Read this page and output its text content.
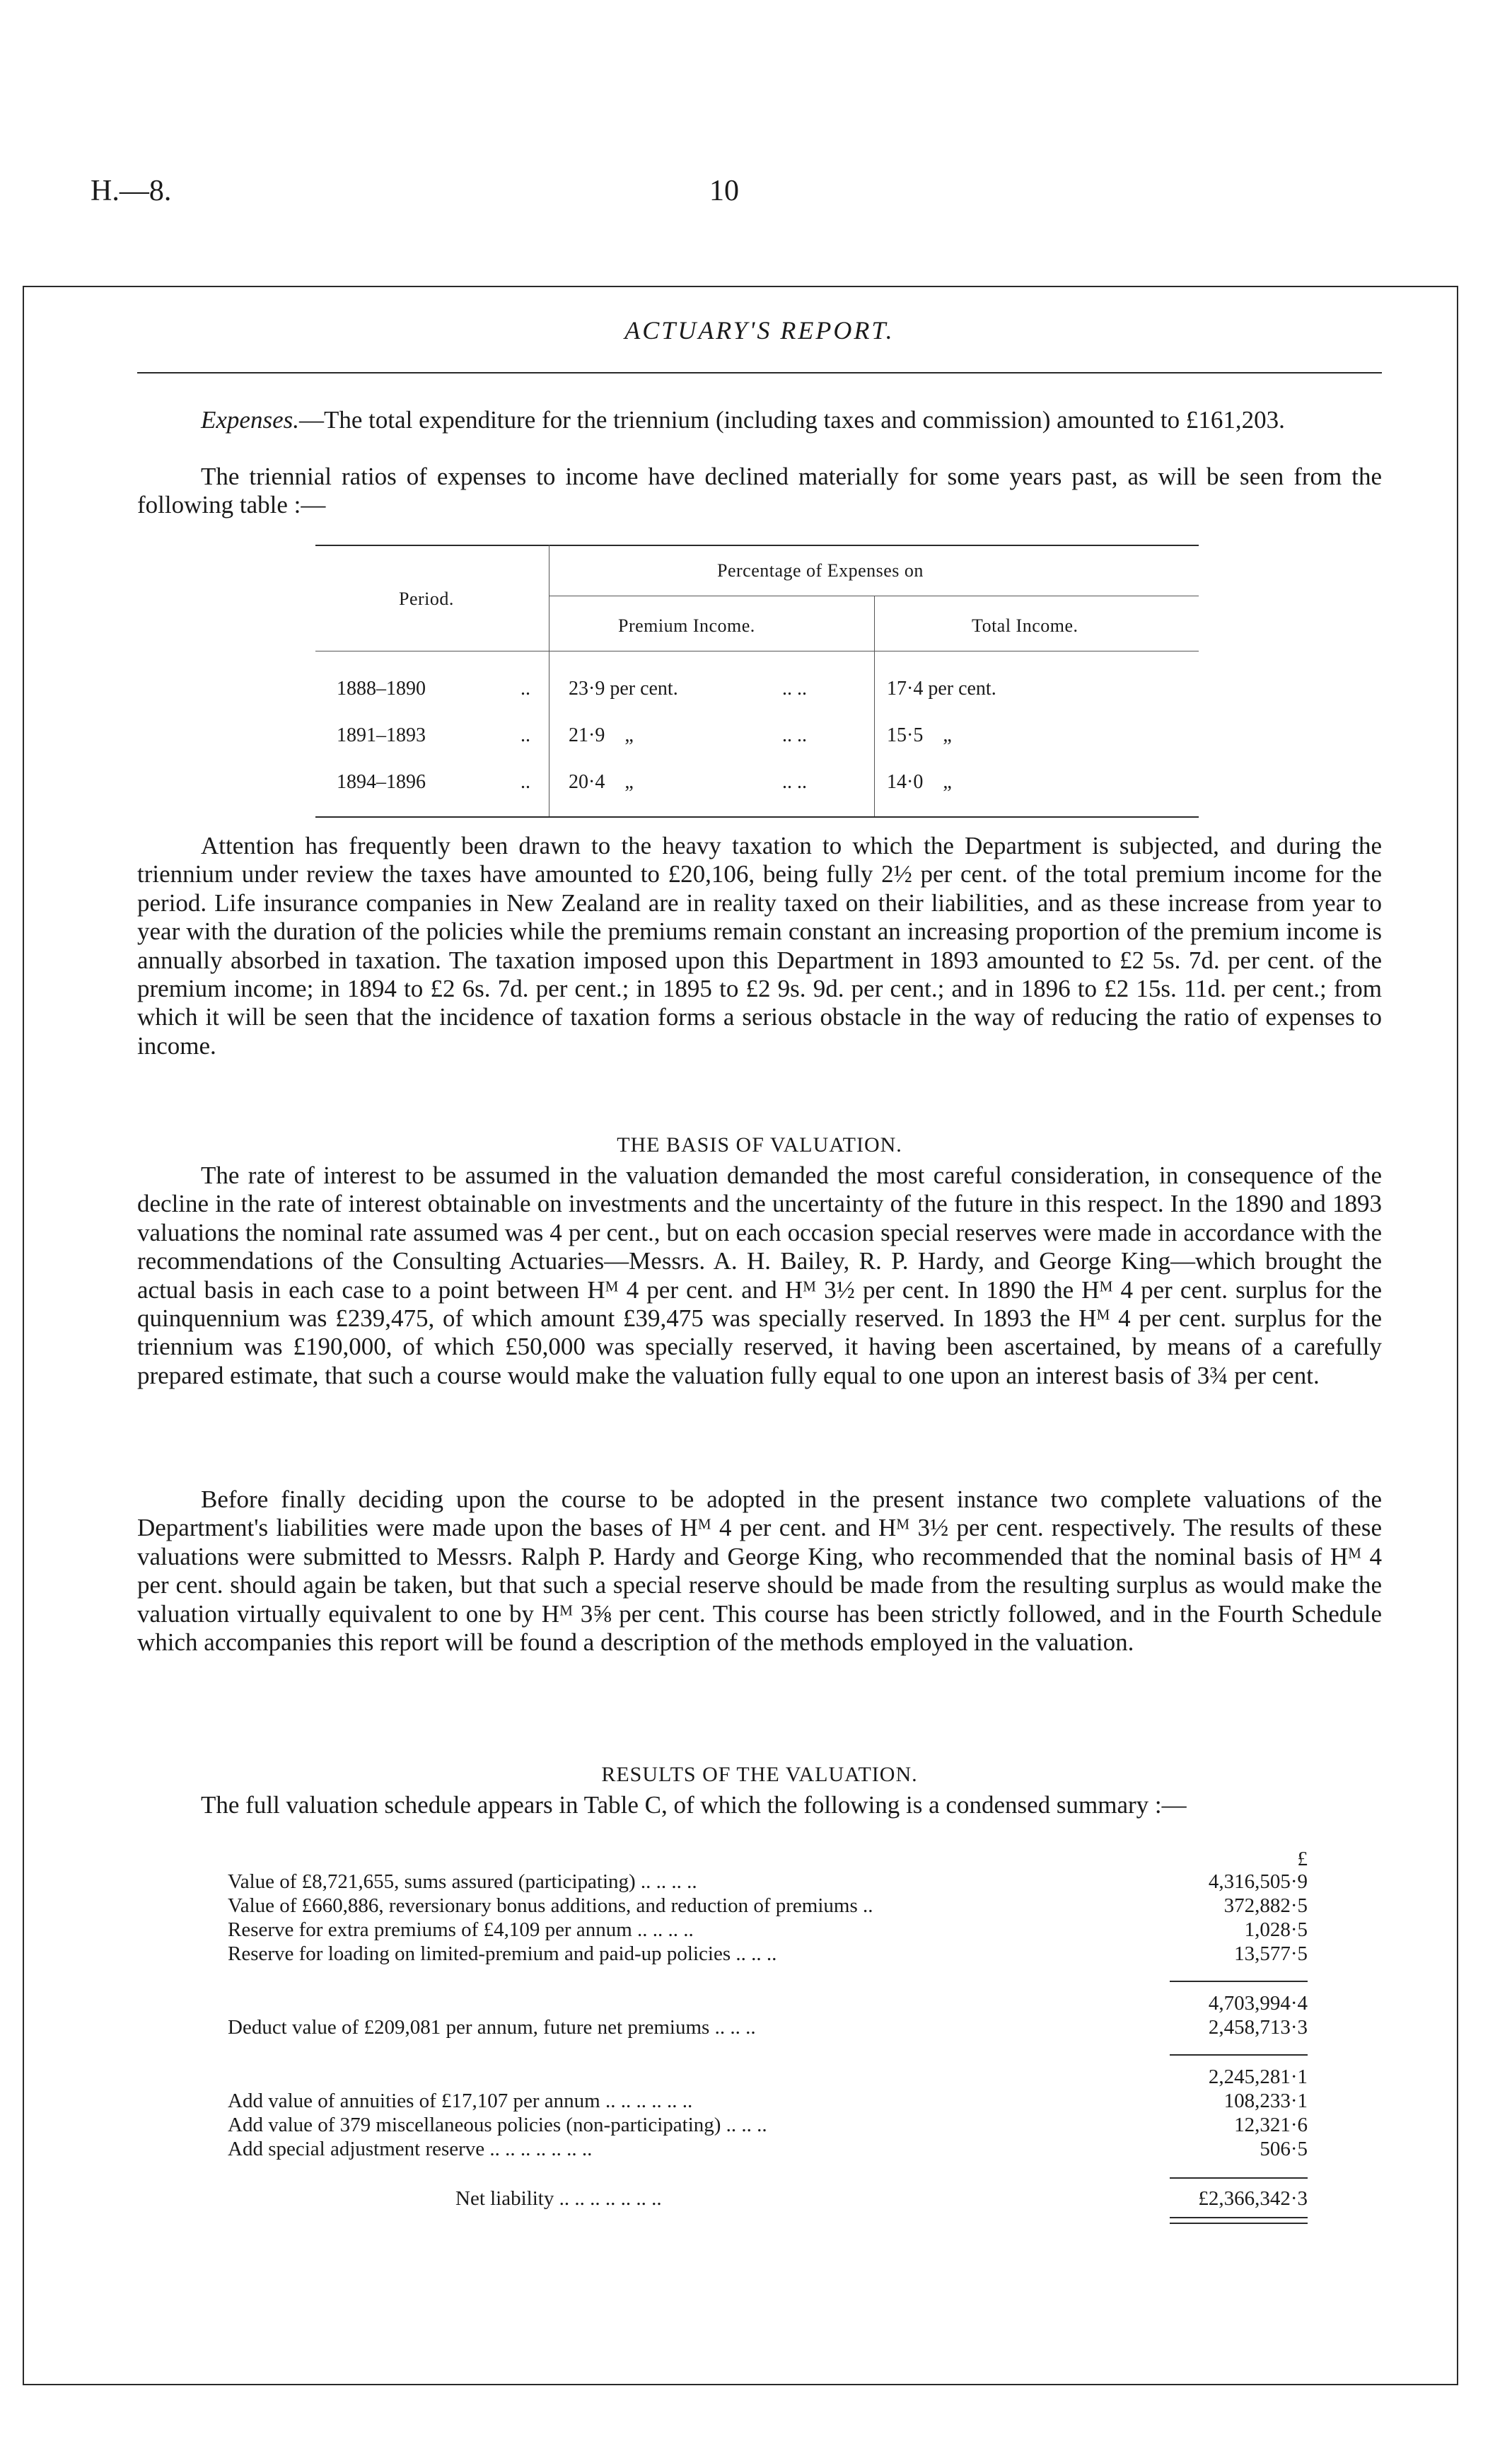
H.—8.	10
ACTUARY'S REPORT.

Expenses.—The total expenditure for the triennium (including taxes and commission) amounted to £161,203.

The triennial ratios of expenses to income have declined materially for some years past, as will be seen from the following table :—

Period.
Percentage of Expenses on
Premium Income.	Total Income.
1888–1890	.. 23·9 per cent.	.. ..	17·4 per cent.
1891–1893	.. 21·9    „	.. ..	15·5    „
1894–1896	.. 20·4    „	.. ..	14·0    „

Attention has frequently been drawn to the heavy taxation to which the Department is subjected, and during the triennium under review the taxes have amounted to £20,106, being fully 2½ per cent. of the total premium income for the period. Life insurance companies in New Zealand are in reality taxed on their liabilities, and as these increase from year to year with the duration of the policies while the premiums remain constant an increasing proportion of the premium income is annually absorbed in taxation. The taxation imposed upon this Department in 1893 amounted to £2 5s. 7d. per cent. of the premium income; in 1894 to £2 6s. 7d. per cent.; in 1895 to £2 9s. 9d. per cent.; and in 1896 to £2 15s. 11d. per cent.; from which it will be seen that the incidence of taxation forms a serious obstacle in the way of reducing the ratio of expenses to income.

THE BASIS OF VALUATION.

The rate of interest to be assumed in the valuation demanded the most careful consideration, in consequence of the decline in the rate of interest obtainable on investments and the uncertainty of the future in this respect. In the 1890 and 1893 valuations the nominal rate assumed was 4 per cent., but on each occasion special reserves were made in accordance with the recommendations of the Consulting Actuaries—Messrs. A. H. Bailey, R. P. Hardy, and George King—which brought the actual basis in each case to a point between Hᴹ 4 per cent. and Hᴹ 3½ per cent. In 1890 the Hᴹ 4 per cent. surplus for the quinquennium was £239,475, of which amount £39,475 was specially reserved. In 1893 the Hᴹ 4 per cent. surplus for the triennium was £190,000, of which £50,000 was specially reserved, it having been ascertained, by means of a carefully prepared estimate, that such a course would make the valuation fully equal to one upon an interest basis of 3¾ per cent.

Before finally deciding upon the course to be adopted in the present instance two complete valuations of the Department's liabilities were made upon the bases of Hᴹ 4 per cent. and Hᴹ 3½ per cent. respectively. The results of these valuations were submitted to Messrs. Ralph P. Hardy and George King, who recommended that the nominal basis of Hᴹ 4 per cent. should again be taken, but that such a special reserve should be made from the resulting surplus as would make the valuation virtually equivalent to one by Hᴹ 3⅝ per cent. This course has been strictly followed, and in the Fourth Schedule which accompanies this report will be found a description of the methods employed in the valuation.

RESULTS OF THE VALUATION.

The full valuation schedule appears in Table C, of which the following is a condensed summary :—

£
Value of £8,721,655, sums assured (participating) .. .. .. ..	4,316,505·9
Value of £660,886, reversionary bonus additions, and reduction of premiums ..	372,882·5
Reserve for extra premiums of £4,109 per annum .. .. .. ..	1,028·5
Reserve for loading on limited-premium and paid-up policies .. .. ..	13,577·5
4,703,994·4
Deduct value of £209,081 per annum, future net premiums .. .. ..	2,458,713·3
2,245,281·1
Add value of annuities of £17,107 per annum .. .. .. .. .. ..	108,233·1
Add value of 379 miscellaneous policies (non-participating) .. .. ..	12,321·6
Add special adjustment reserve .. .. .. .. .. .. ..	506·5
Net liability .. .. .. .. .. .. ..	£2,366,342·3
